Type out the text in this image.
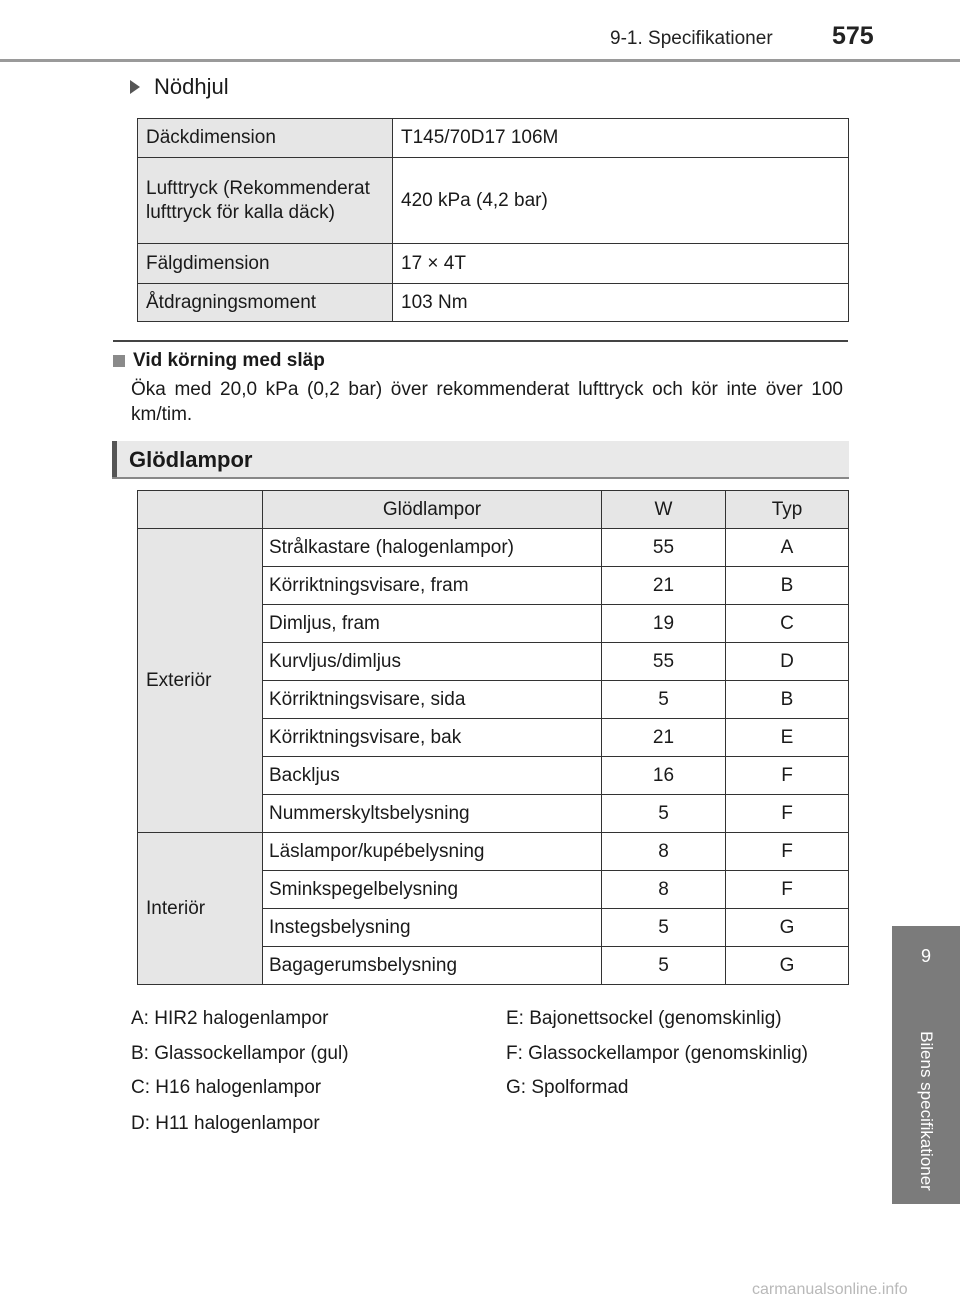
9-1. Specifikationer 575
Nödhjul
Däckdimension	T145/70D17 106M
Lufttryck (Rekommenderat lufttryck för kalla däck)	420 kPa (4,2 bar)
Fälgdimension	17 × 4T
Åtdragningsmoment	103 Nm
Vid körning med släp
Öka med 20,0 kPa (0,2 bar) över rekommenderat lufttryck och kör inte över 100 km/tim.
Glödlampor
	Glödlampor	W	Typ
Exteriör	Strålkastare (halogenlampor)	55	A
	Körriktningsvisare, fram	21	B
	Dimljus, fram	19	C
	Kurvljus/dimljus	55	D
	Körriktningsvisare, sida	5	B
	Körriktningsvisare, bak	21	E
	Backljus	16	F
	Nummerskyltsbelysning	5	F
Interiör	Läslampor/kupébelysning	8	F
	Sminkspegelbelysning	8	F
	Instegsbelysning	5	G
	Bagagerumsbelysning	5	G
A: HIR2 halogenlampor
B: Glassockellampor (gul)
C: H16 halogenlampor
D: H11 halogenlampor
E: Bajonettsockel (genomskinlig)
F: Glassockellampor (genomskinlig)
G: Spolformad
9
Bilens specifikationer
carmanualsonline.info
